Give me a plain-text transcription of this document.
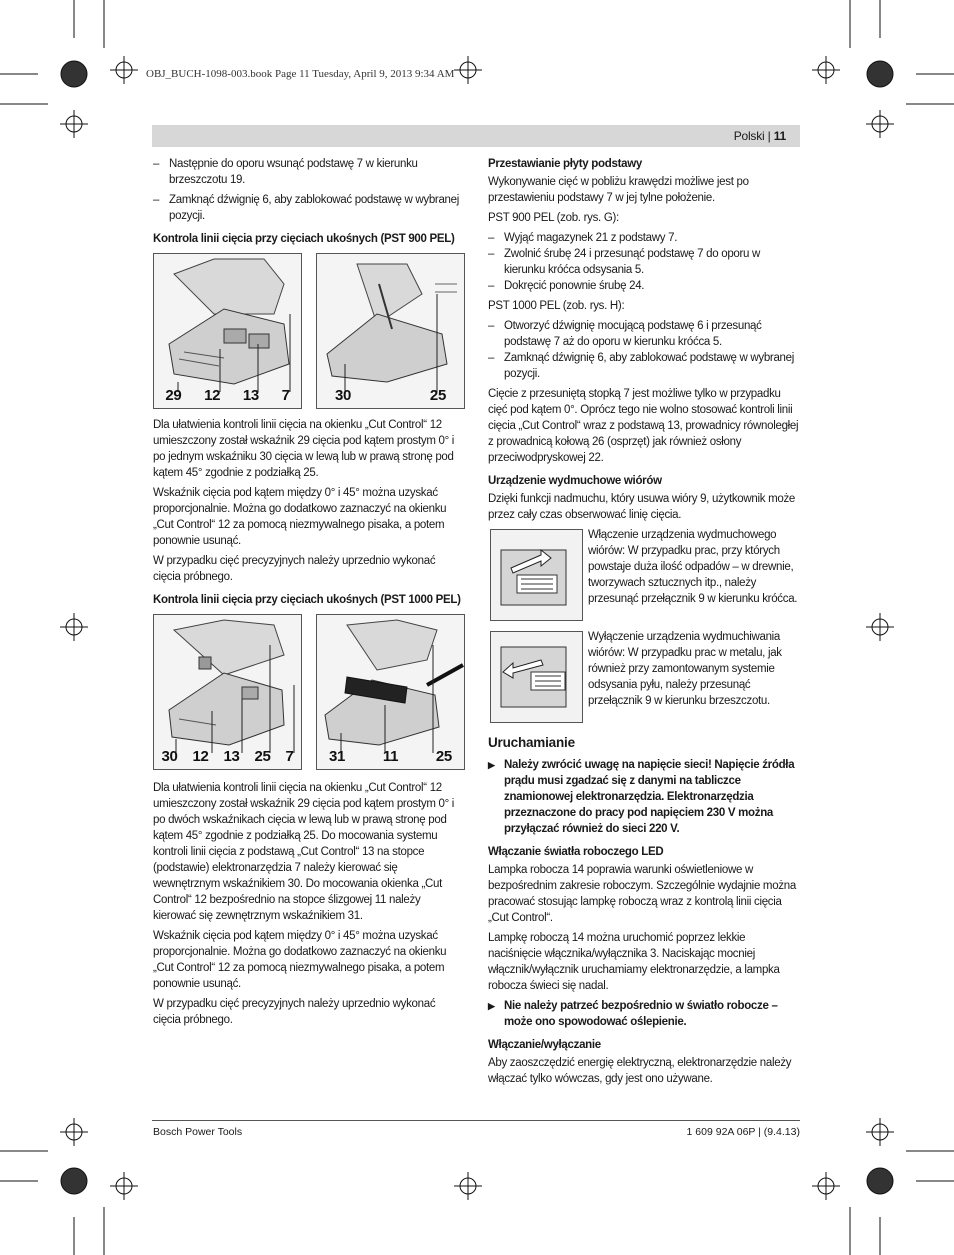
OBJ_BUCH-1098-003.book Page 11 Tuesday, April 9, 2013 9:34 AM
Polski | 11

– Następnie do oporu wsunąć podstawę 7 w kierunku brzeszczotu 19.

– Zamknąć dźwignię 6, aby zablokować podstawę w wybranej pozycji.

Kontrola linii cięcia przy cięciach ukośnych (PST 900 PEL)

29 12 13 7	30	25

Dla ułatwienia kontroli linii cięcia na okienku „Cut Control“ 12 umieszczony został wskaźnik 29 cięcia pod kątem prostym 0° i po jednym wskaźniku 30 cięcia w lewą lub w prawą stronę pod kątem 45° zgodnie z podziałką 25.

Wskaźnik cięcia pod kątem między 0° i 45° można uzyskać proporcjonalnie. Można go dodatkowo zaznaczyć na okienku „Cut Control“ 12 za pomocą niezmywalnego pisaka, a potem ponownie usunąć.

W przypadku cięć precyzyjnych należy uprzednio wykonać cięcia próbnego.

Kontrola linii cięcia przy cięciach ukośnych (PST 1000 PEL)

30 12 13 25 7 31	11	25

Dla ułatwienia kontroli linii cięcia na okienku „Cut Control“ 12 umieszczony został wskaźnik 29 cięcia pod kątem prostym 0° i po dwóch wskaźnikach cięcia w lewą lub w prawą stronę pod kątem 45° zgodnie z podziałką 25. Do mocowania systemu kontroli linii cięcia z podstawą „Cut Control“ 13 na stopce (podstawie) elektronarzędzia 7 należy kierować się wewnętrznym wskaźnikiem 30. Do mocowania okienka „Cut Control“ 12 bezpośrednio na stopce ślizgowej 11 należy kierować się zewnętrznym wskaźnikiem 31.

Wskaźnik cięcia pod kątem między 0° i 45° można uzyskać proporcjonalnie. Można go dodatkowo zaznaczyć na okienku „Cut Control“ 12 za pomocą niezmywalnego pisaka, a potem ponownie usunąć.

W przypadku cięć precyzyjnych należy uprzednio wykonać cięcia próbnego.

Przestawianie płyty podstawy

Wykonywanie cięć w pobliżu krawędzi możliwe jest po przestawieniu podstawy 7 w jej tylne położenie.

PST 900 PEL (zob. rys. G):

– Wyjąć magazynek 21 z podstawy 7.

– Zwolnić śrubę 24 i przesunąć podstawę 7 do oporu w kierunku króćca odsysania 5.

– Dokręcić ponownie śrubę 24.

PST 1000 PEL (zob. rys. H):

– Otworzyć dźwignię mocującą podstawę 6 i przesunąć podstawę 7 aż do oporu w kierunku króćca 5.

– Zamknąć dźwignię 6, aby zablokować podstawę w wybranej pozycji.

Cięcie z przesuniętą stopką 7 jest możliwe tylko w przypadku cięć pod kątem 0°. Oprócz tego nie wolno stosować kontroli linii cięcia „Cut Control“ wraz z podstawą 13, prowadnicy równoległej z prowadnicą kołową 26 (osprzęt) jak również osłony przeciwodpryskowej 22.

Urządzenie wydmuchowe wiórów

Dzięki funkcji nadmuchu, który usuwa wióry 9, użytkownik może przez cały czas obserwować linię cięcia.

Włączenie urządzenia wydmuchowego wiórów: W przypadku prac, przy których powstaje duża ilość odpadów – w drewnie, tworzywach sztucznych itp., należy przesunąć przełącznik 9 w kierunku króćca.

Wyłączenie urządzenia wydmuchiwania wiórów: W przypadku prac w metalu, jak również przy zamontowanym systemie odsysania pyłu, należy przesunąć przełącznik 9 w kierunku brzeszczotu.

Uruchamianie

▶ Należy zwrócić uwagę na napięcie sieci! Napięcie źródła prądu musi zgadzać się z danymi na tabliczce znamionowej elektronarzędzia. Elektronarzędzia przeznaczone do pracy pod napięciem 230 V można przyłączać również do sieci 220 V.

Włączanie światła roboczego LED

Lampka robocza 14 poprawia warunki oświetleniowe w bezpośrednim zakresie roboczym. Szczególnie wydajnie można pracować stosując lampkę roboczą wraz z kontrolą linii cięcia „Cut Control“.

Lampkę roboczą 14 można uruchomić poprzez lekkie naciśnięcie włącznika/wyłącznika 3. Naciskając mocniej włącznik/wyłącznik uruchamiamy elektronarzędzie, a lampka robocza świeci się nadal.

▶ Nie należy patrzeć bezpośrednio w światło robocze – może ono spowodować oślepienie.

Włączanie/wyłączanie

Aby zaoszczędzić energię elektryczną, elektronarzędzie należy włączać tylko wówczas, gdy jest ono używane.

Bosch Power Tools	1 609 92A 06P | (9.4.13)
